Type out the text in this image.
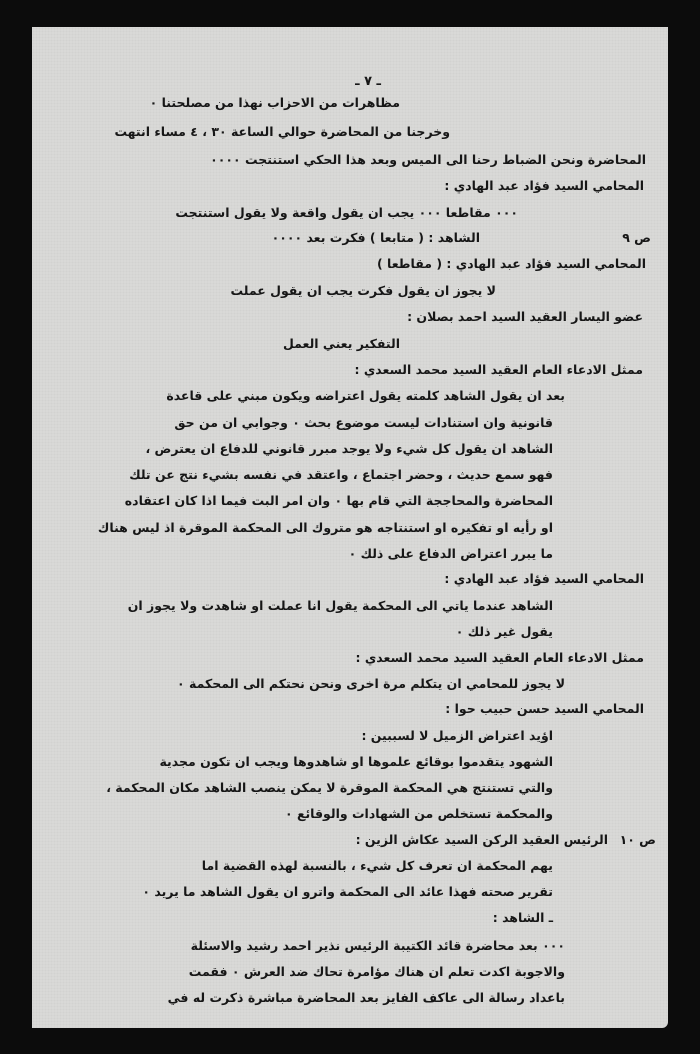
ـ ٧ ـ
مظاهرات من الاحزاب نهذا من مصلحتنا ٠
وخرجنا من المحاضرة حوالي الساعة ٣٠ ، ٤ مساء انتهت
المحاضرة ونحن الضباط رحنا الى الميس وبعد هذا الحكي استنتجت ٠٠٠٠
المحامي السيد فؤاد عبد الهادي :
٠٠٠ مقاطعا ٠٠٠ يجب ان يقول واقعة ولا يقول استنتجت
ص ٩
الشاهد : ( متابعا ) فكرت بعد ٠٠٠٠
المحامي السيد فؤاد عبد الهادي : ( مقاطعا )
لا يجوز ان يقول فكرت يجب ان يقول عملت
عضو اليسار العقيد السيد احمد بصلان :
التفكير يعني العمل
ممثل الادعاء العام العقيد السيد محمد السعدي :
بعد ان يقول الشاهد كلمته يقول اعتراضه ويكون مبني على قاعدة
قانونية وان استنادات ليست موضوع بحث ٠ وجوابي ان من حق
الشاهد ان يقول كل شيء ولا يوجد مبرر قانوني للدفاع ان يعترض ،
فهو سمع حديث ، وحضر اجتماع ، واعتقد في نفسه بشيء نتج عن تلك
المحاضرة والمحاججة التي قام بها ٠ وان امر البت فيما اذا كان اعتقاده
او رأيه او تفكيره او استنتاجه هو متروك الى المحكمة الموقرة اذ ليس هناك
ما يبرر اعتراض الدفاع على ذلك ٠
المحامي السيد فؤاد عبد الهادي :
الشاهد عندما ياتي الى المحكمة يقول انا عملت او شاهدت ولا يجوز ان
يقول غير ذلك ٠
ممثل الادعاء العام العقيد السيد محمد السعدي :
لا يجوز للمحامي ان يتكلم مرة اخرى ونحن نحتكم الى المحكمة ٠
المحامي السيد حسن حبيب حوا :
اؤيد اعتراض الزميل لا لسببين :
الشهود يتقدموا بوقائع علموها او شاهدوها ويجب ان تكون مجدية
والتي تستنتج هي المحكمة الموقرة لا يمكن ينصب الشاهد مكان المحكمة ،
والمحكمة تستخلص من الشهادات والوقائع ٠
ص ١٠
الرئيس العقيد الركن السيد عكاش الزين :
يهم المحكمة ان تعرف كل شيء ، بالنسبة لهذه القضية اما
تقرير صحته فهذا عائد الى المحكمة واترو ان يقول الشاهد ما يريد ٠
ـ الشاهد :
٠٠٠ بعد محاضرة قائد الكتيبة الرئيس نذير احمد رشيد والاسئلة
والاجوبة اكدت تعلم ان هناك مؤامرة تحاك ضد العرش ٠ فقمت
باعداد رسالة الى عاكف الفايز بعد المحاضرة مباشرة ذكرت له في
